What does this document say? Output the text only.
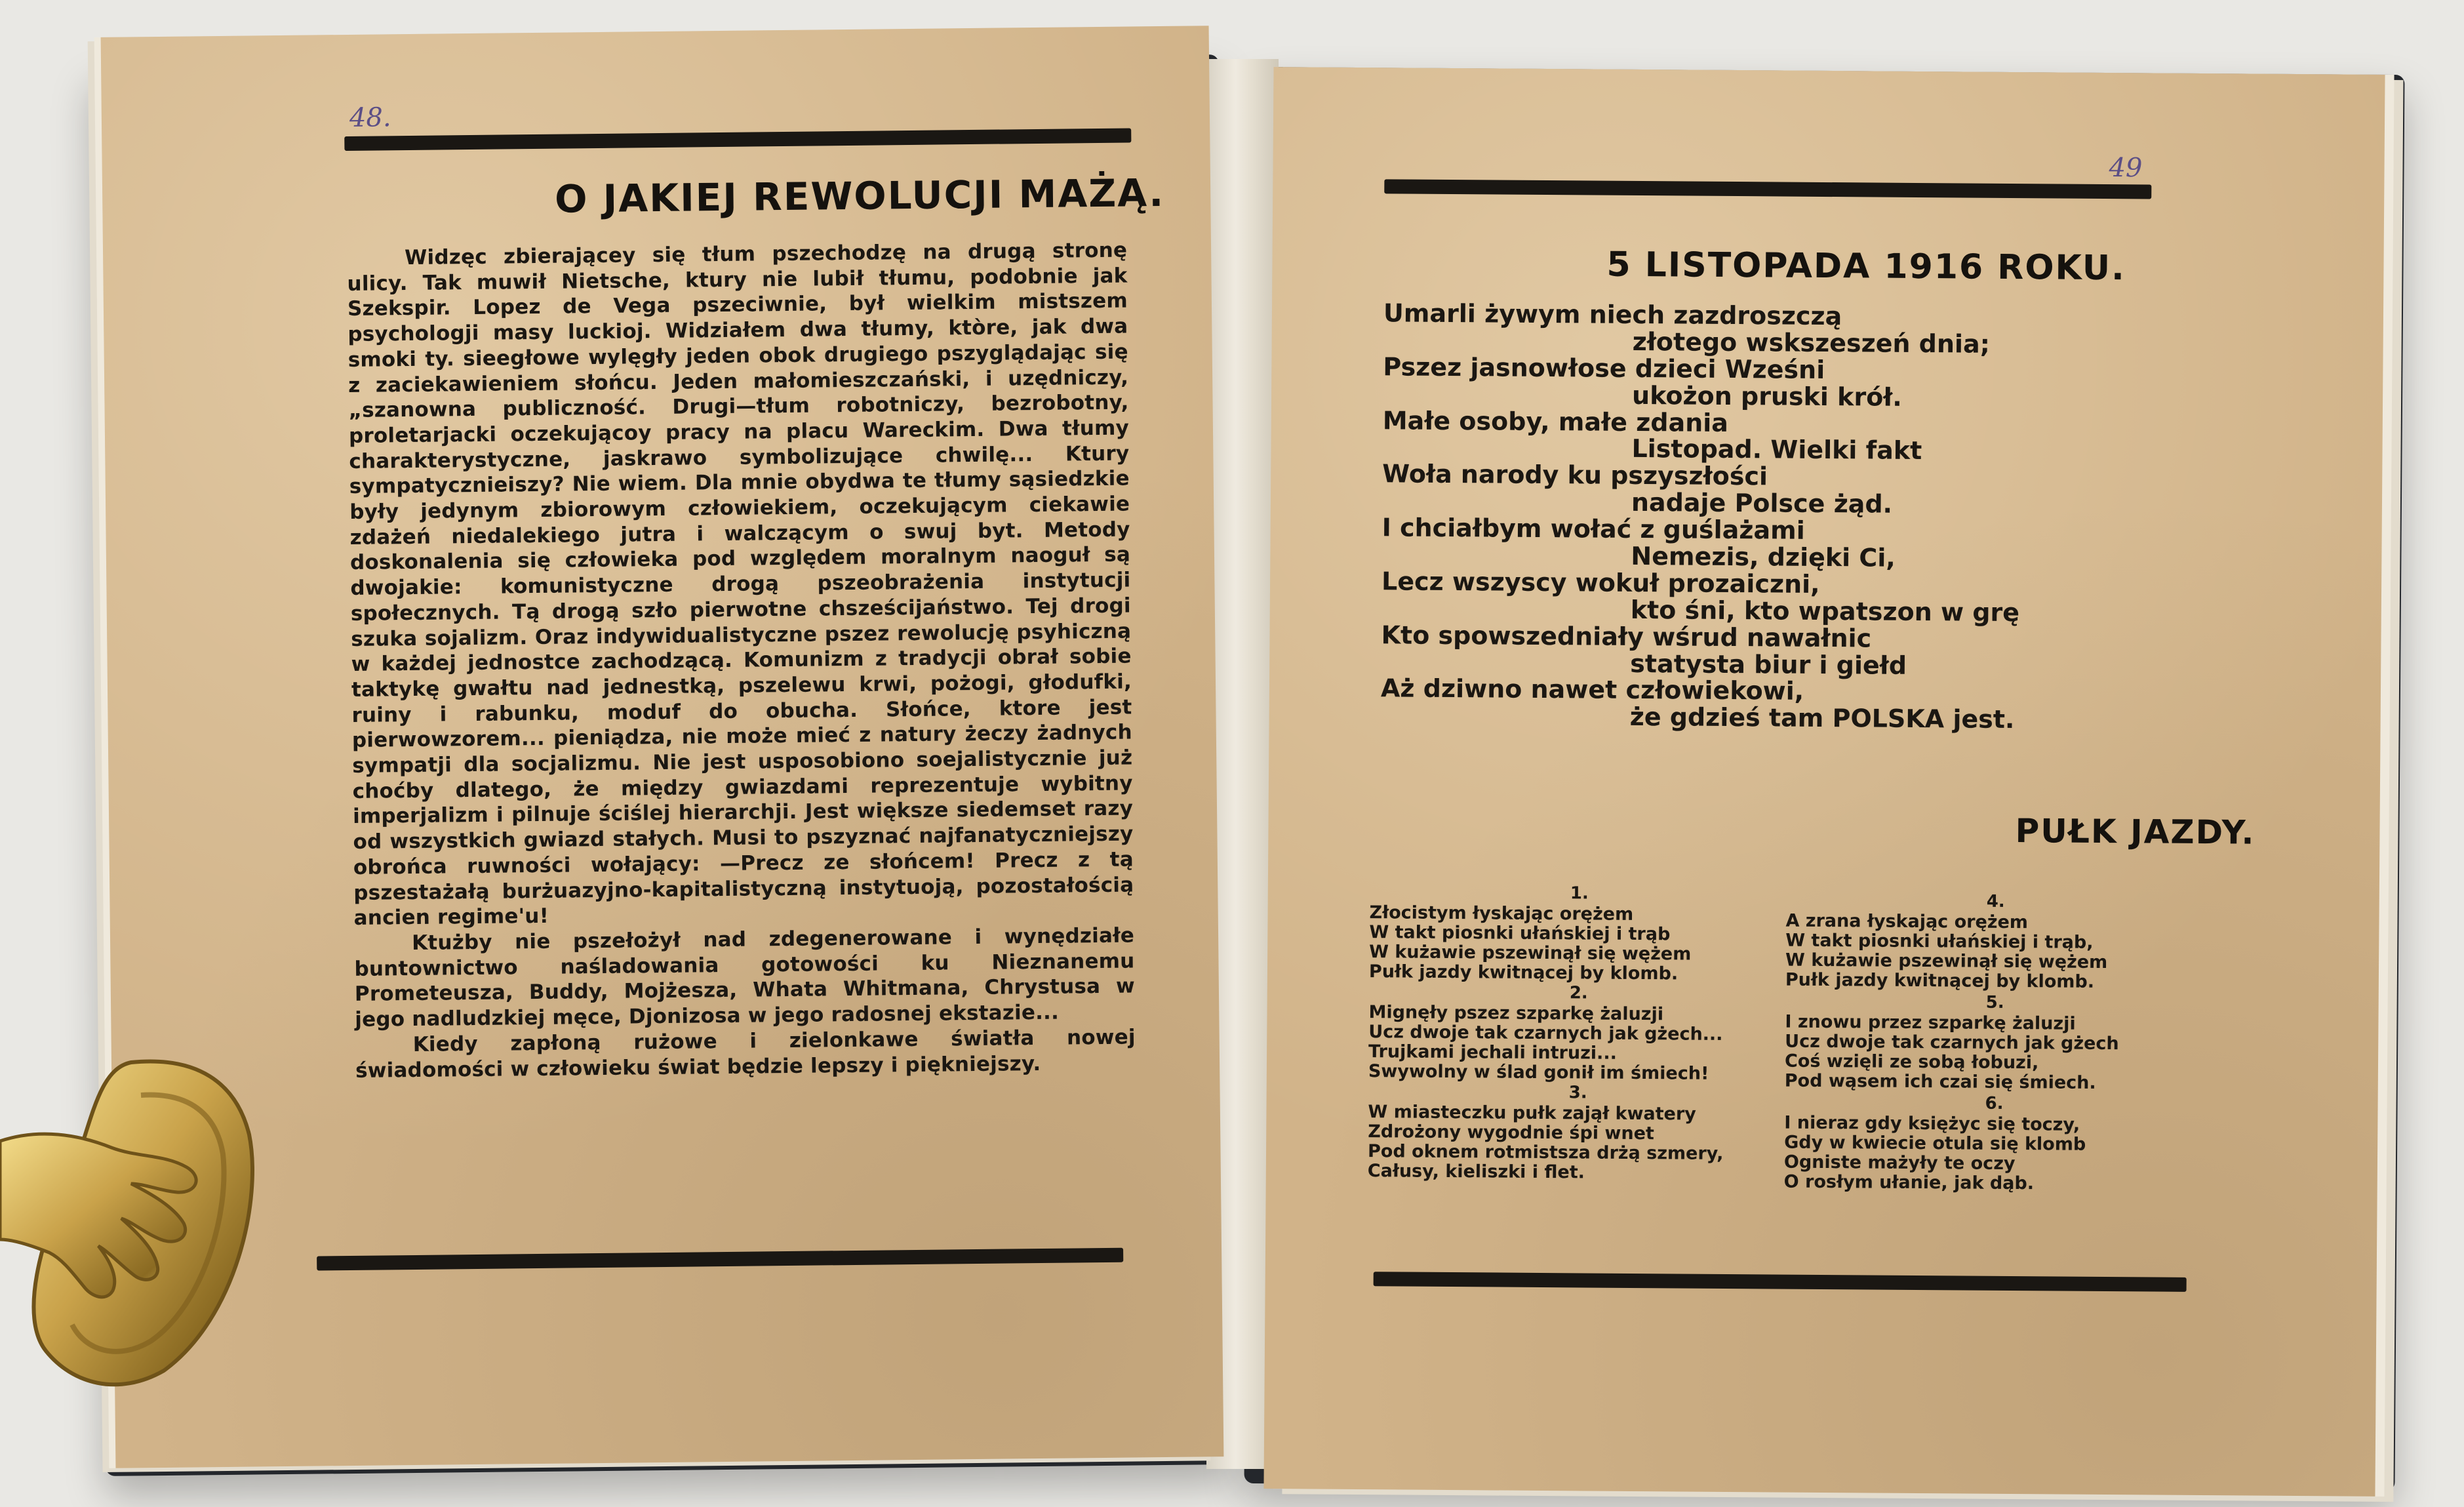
48.
O JAKIEJ REWOLUCJI MAŻĄ.

Widzęc zbierającey się tłum pszechodzę na drugą stronę ulicy. Tak muwił Nietsche, ktury nie lubił tłumu, podobnie jak Szekspir. Lopez de Vega pszeciwnie, był wielkim mistszem psychologji masy luckioj. Widziałem dwa tłumy, ktòre, jak dwa smoki ty. sieegłowe wylęgły jeden obok drugiego pszyglądając się z zaciekawieniem słońcu. Jeden małomieszczański, i uzędniczy, „szanowna publiczność. Drugi—tłum robotniczy, bezrobotny, proletarjacki oczekującoy pracy na placu Wareckim. Dwa tłumy charakterystyczne, jaskrawo symbolizujące chwilę... Ktury sympatycznieiszy? Nie wiem. Dla mnie obydwa te tłumy sąsiedzkie były jedynym zbiorowym człowiekiem, oczekującym ciekawie zdażeń niedalekiego jutra i walczącym o swuj byt. Metody doskonalenia się człowieka pod względem moralnym naoguł są dwojakie: komunistyczne drogą pszeobrażenia instytucji społecznych. Tą drogą szło pierwotne chsześcijaństwo. Tej drogi szuka sojalizm. Oraz indywidualistyczne pszez rewolucję psyhiczną w każdej jednostce zachodzącą. Komunizm z tradycji obrał sobie taktykę gwałtu nad jednestką, pszelewu krwi, pożogi, głodufki, ruiny i rabunku, moduf do obucha. Słońce, ktore jest pierwowzorem... pieniądza, nie może mieć z natury żeczy żadnych sympatji dla socjalizmu. Nie jest usposobiono soejalistycznie już choćby dlatego, że między gwiazdami reprezentuje wybitny imperjalizm i pilnuje ściślej hierarchji. Jest większe siedemset razy od wszystkich gwiazd stałych. Musi to pszyznać najfanatyczniejszy obrońca ruwności wołający: —Precz ze słońcem! Precz z tą pszestażałą burżuazyjno-kapitalistyczną instytuoją, pozostałością ancien regime'u!

Ktużby nie pszełożył nad zdegenerowane i wynędziałe buntownictwo naśladowania gotowości ku Nieznanemu Prometeusza, Buddy, Mojżesza, Whata Whitmana, Chrystusa w jego nadludzkiej męce, Djonizosa w jego radosnej ekstazie...

Kiedy zapłoną rużowe i zielonkawe światła nowej świadomości w człowieku świat będzie lepszy i piękniejszy.

49
5 LISTOPADA 1916 ROKU.
Umarli żywym niech zazdroszczą
złotego wskszeszeń dnia;
Pszez jasnowłose dzieci Wześni
ukożon pruski krół.
Małe osoby, małe zdania
Listopad. Wielki fakt
Woła narody ku pszyszłości
nadaje Polsce żąd.
I chciałbym wołać z guślażami
Nemezis, dzięki Ci,
Lecz wszyscy wokuł prozaiczni,
kto śni, kto wpatszon w grę
Kto spowszedniały wśrud nawałnic
statysta biur i giełd
Aż dziwno nawet człowiekowi,
że gdzieś tam POLSKA jest.
PUŁK JAZDY.
1.
Złocistym łyskając orężem
W takt piosnki ułańskiej i trąb
W kużawie pszewinął się wężem
Pułk jazdy kwitnącej by klomb.
2.
Mignęły pszez szparkę żaluzji
Ucz dwoje tak czarnych jak gżech...
Trujkami jechali intruzi...
Swywolny w ślad gonił im śmiech!
3.
W miasteczku pułk zajął kwatery
Zdrożony wygodnie śpi wnet
Pod oknem rotmistsza drżą szmery,
Całusy, kieliszki i flet.
4.
A zrana łyskając orężem
W takt piosnki ułańskiej i trąb,
W kużawie pszewinął się wężem
Pułk jazdy kwitnącej by klomb.
5.
I znowu przez szparkę żaluzji
Ucz dwoje tak czarnych jak gżech
Coś wzięli ze sobą łobuzi,
Pod wąsem ich czai się śmiech.
6.
I nieraz gdy księżyc się toczy,
Gdy w kwiecie otula się klomb
Ogniste mażyły te oczy
O rosłym ułanie, jak dąb.
